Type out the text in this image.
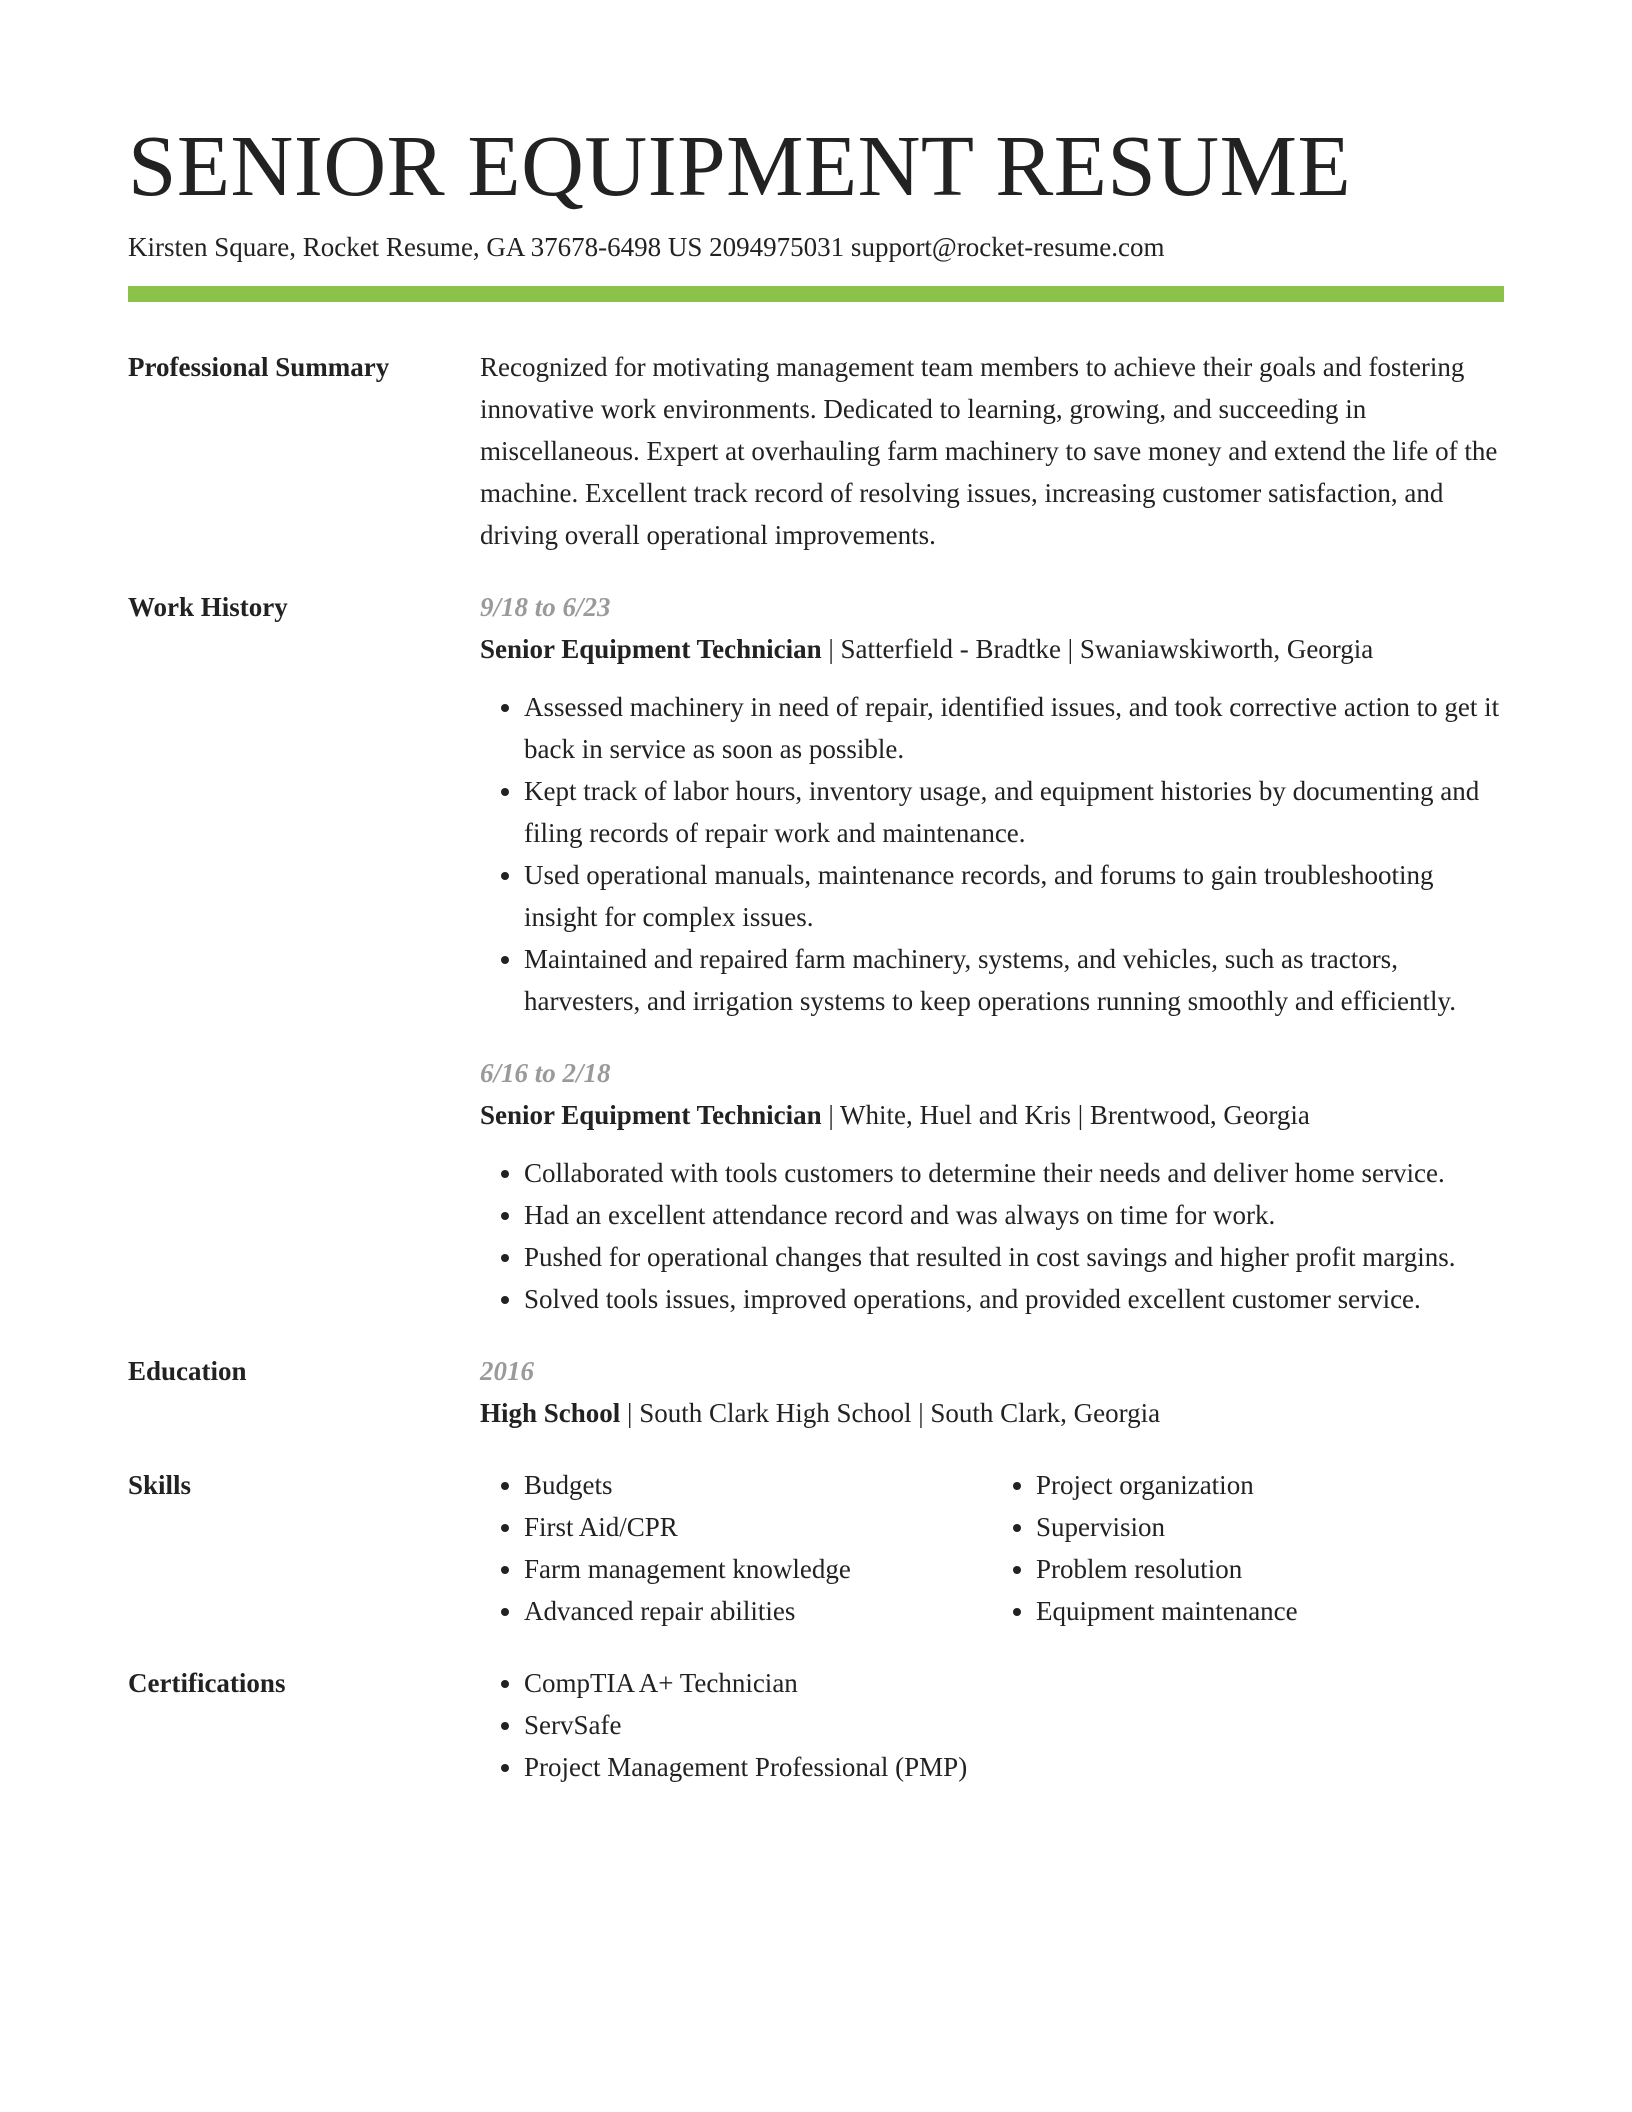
SENIOR EQUIPMENT RESUME
Kirsten Square, Rocket Resume, GA 37678-6498 US 2094975031 support@rocket-resume.com
Professional Summary	Recognized for motivating management team members to achieve their goals and fostering innovative work environments. Dedicated to learning, growing, and succeeding in miscellaneous. Expert at overhauling farm machinery to save money and extend the life of the machine. Excellent track record of resolving issues, increasing customer satisfaction, and driving overall operational improvements.

Work History	9/18 to 6/23
Senior Equipment Technician | Satterfield - Bradtke | Swaniawskiworth, Georgia
• Assessed machinery in need of repair, identified issues, and took corrective action to get it back in service as soon as possible.
• Kept track of labor hours, inventory usage, and equipment histories by documenting and filing records of repair work and maintenance.
• Used operational manuals, maintenance records, and forums to gain troubleshooting insight for complex issues.
• Maintained and repaired farm machinery, systems, and vehicles, such as tractors, harvesters, and irrigation systems to keep operations running smoothly and efficiently.
6/16 to 2/18
Senior Equipment Technician | White, Huel and Kris | Brentwood, Georgia
• Collaborated with tools customers to determine their needs and deliver home service.
• Had an excellent attendance record and was always on time for work.
• Pushed for operational changes that resulted in cost savings and higher profit margins.
• Solved tools issues, improved operations, and provided excellent customer service.
Education	2016
High School | South Clark High School | South Clark, Georgia
Skills	• Budgets
• First Aid/CPR
• Farm management knowledge
• Advanced repair abilities
• Project organization
• Supervision
• Problem resolution
• Equipment maintenance
Certifications	• CompTIA A+ Technician
• ServSafe
• Project Management Professional (PMP)
